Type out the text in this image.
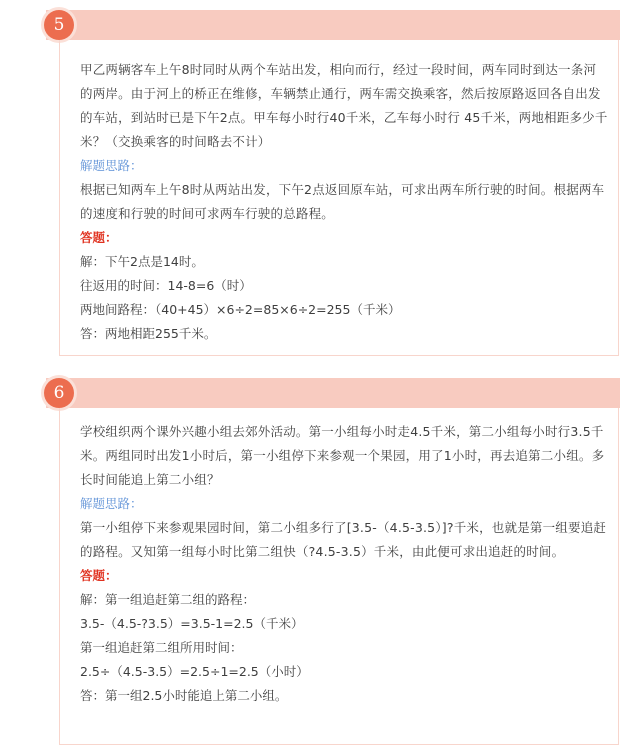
5

甲乙两辆客车上午8时同时从两个车站出发，相向而行，经过一段时间，两车同时到达一条河的两岸。由于河上的桥正在维修，车辆禁止通行，两车需交换乘客，然后按原路返回各自出发的车站，到站时已是下午2点。甲车每小时行40千米，乙车每小时行 45千米，两地相距多少千米？（交换乘客的时间略去不计）

解题思路：

根据已知两车上午8时从两站出发，下午2点返回原车站，可求出两车所行驶的时间。根据两车的速度和行驶的时间可求两车行驶的总路程。

答题：

解：下午2点是14时。

往返用的时间：14-8=6（时）

两地间路程：（40+45）×6÷2=85×6÷2=255（千米）

答：两地相距255千米。

6

学校组织两个课外兴趣小组去郊外活动。第一小组每小时走4.5千米，第二小组每小时行3.5千米。两组同时出发1小时后，第一小组停下来参观一个果园，用了1小时，再去追第二小组。多长时间能追上第二小组？

解题思路：

第一小组停下来参观果园时间，第二小组多行了[3.5-（4.5-3.5）]?千米，也就是第一组要追赶的路程。又知第一组每小时比第二组快（?4.5-3.5）千米，由此便可求出追赶的时间。

答题：

解：第一组追赶第二组的路程：

3.5-（4.5-?3.5）=3.5-1=2.5（千米）

第一组追赶第二组所用时间：

2.5÷（4.5-3.5）=2.5÷1=2.5（小时）

答：第一组2.5小时能追上第二小组。
